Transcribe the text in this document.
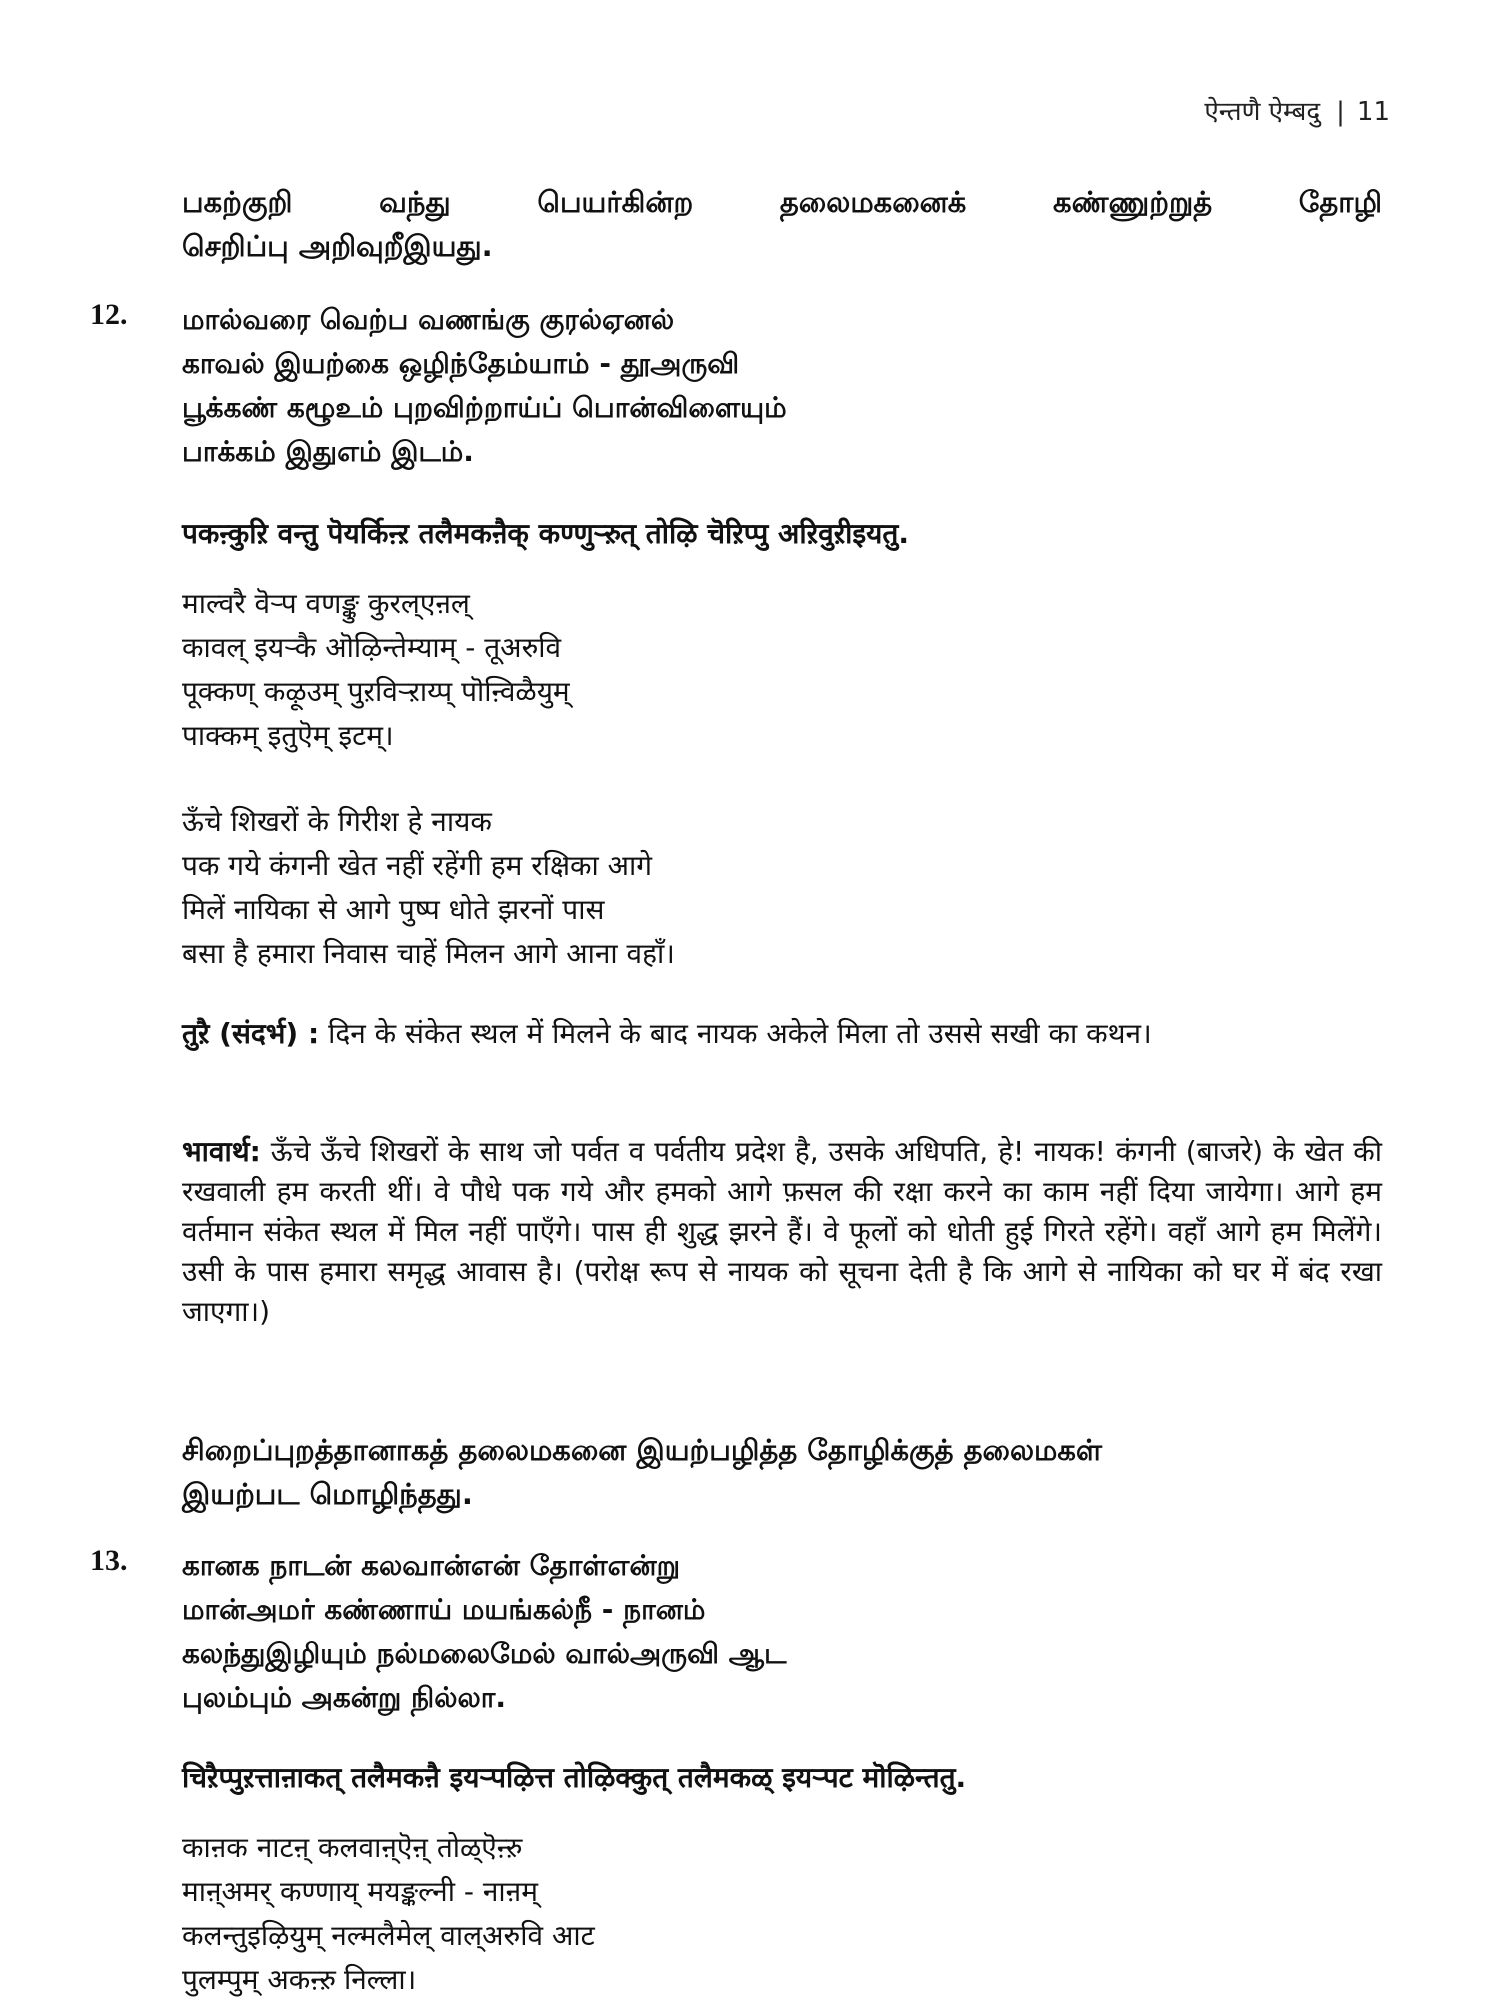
ऐन्तणै ऐम्बदु | 11
பகற்குறி வந்து பெயர்கின்ற தலைமகனைக் கண்ணுற்றுத் தோழி
செறிப்பு அறிவுறீஇயது.
12. மால்வரை வெற்ப வணங்கு குரல்ஏனல்
காவல் இயற்கை ஒழிந்தேம்யாம் - தூஅருவி
பூக்கண் கழூஉம் புறவிற்றாய்ப் பொன்விளையும்
பாக்கம் இதுஎம் இடம்.
पकऩ्कुऱि वन्तु पॆयर्किऩ्ऱ तलैमकऩैक् कण्णुऱ्ऱुत् तोऴि चॆऱिप्पु अऱिवुऱीइयतु.
माल्वरै वॆऱ्प वणङ्कु कुरल्एऩल्
कावल् इयऱ्कै ऒऴिन्तेम्याम् - तूअरुवि
पूक्कण् कऴूउम् पुऱविऱ्ऱाय्प् पॊऩ्विळैयुम्
पाक्कम् इतुऎम् इटम्।
ऊँचे शिखरों के गिरीश हे नायक
पक गये कंगनी खेत नहीं रहेंगी हम रक्षिका आगे
मिलें नायिका से आगे पुष्प धोते झरनों पास
बसा है हमारा निवास चाहें मिलन आगे आना वहाँ।
तुऱै (संदर्भ) : दिन के संकेत स्थल में मिलने के बाद नायक अकेले मिला तो उससे सखी का कथन।
भावार्थ: ऊँचे ऊँचे शिखरों के साथ जो पर्वत व पर्वतीय प्रदेश है, उसके अधिपति, हे! नायक! कंगनी (बाजरे) के खेत की रखवाली हम करती थीं। वे पौधे पक गये और हमको आगे फ़सल की रक्षा करने का काम नहीं दिया जायेगा। आगे हम वर्तमान संकेत स्थल में मिल नहीं पाएँगे। पास ही शुद्ध झरने हैं। वे फूलों को धोती हुई गिरते रहेंगे। वहाँ आगे हम मिलेंगे। उसी के पास हमारा समृद्ध आवास है। (परोक्ष रूप से नायक को सूचना देती है कि आगे से नायिका को घर में बंद रखा जाएगा।)
சிறைப்புறத்தானாகத் தலைமகனை இயற்பழித்த தோழிக்குத் தலைமகள்
இயற்பட மொழிந்தது.
13. கானக நாடன் கலவான்என் தோள்என்று
மான்அமர் கண்ணாய் மயங்கல்நீ - நானம்
கலந்துஇழியும் நல்மலைமேல் வால்அருவி ஆட
புலம்பும் அகன்று நில்லா.
चिऱैप्पुऱत्ताऩाकत् तलैमकऩै इयऱ्पऴित्त तोऴिक्कुत् तलैमकळ् इयऱ्पट मॊऴिन्ततु.
काऩक नाटऩ् कलवाऩ्ऎऩ् तोळ्ऎऩ्ऱु
माऩ्अमर् कण्णाय् मयङ्कल्नी - नाऩम्
कलन्तुइऴियुम् नल्मलैमेल् वाल्अरुवि आट
पुलम्पुम् अकऩ्ऱु निल्ला।
